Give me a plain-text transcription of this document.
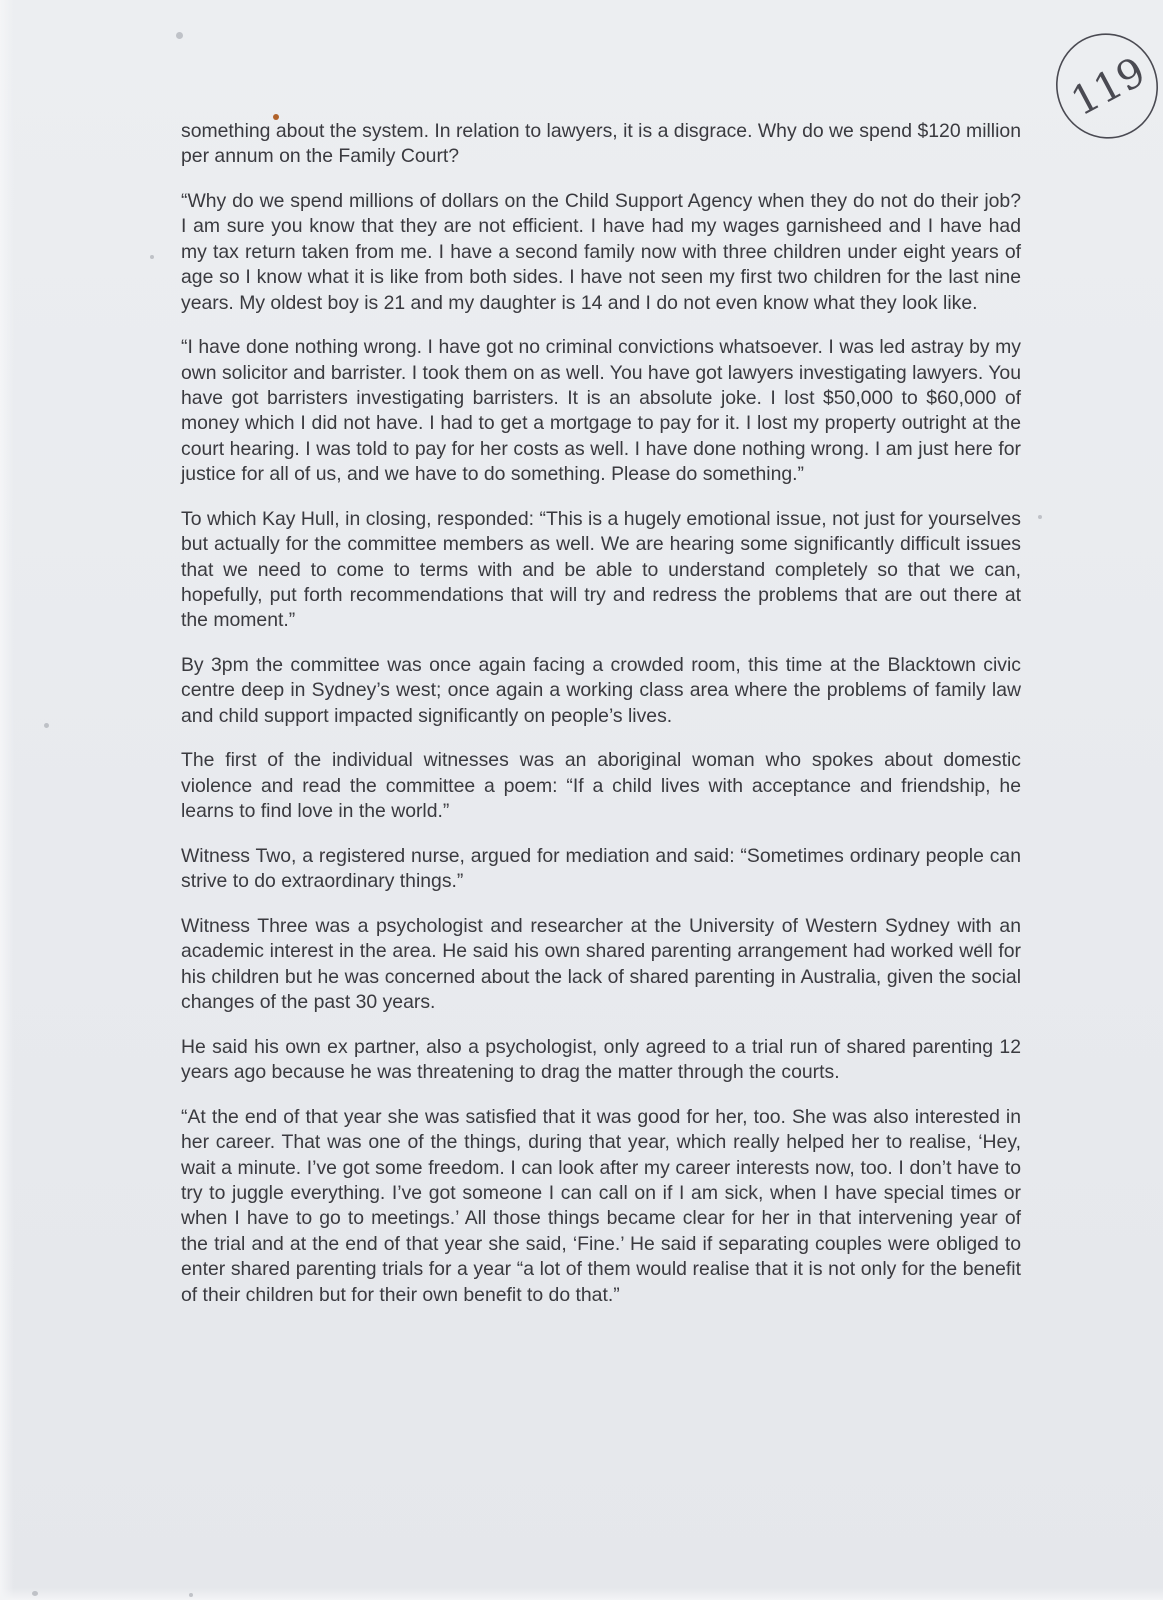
119

something about the system. In relation to lawyers, it is a disgrace. Why do we spend $120 million per annum on the Family Court?

“Why do we spend millions of dollars on the Child Support Agency when they do not do their job? I am sure you know that they are not efficient. I have had my wages garnisheed and I have had my tax return taken from me. I have a second family now with three children under eight years of age so I know what it is like from both sides. I have not seen my first two children for the last nine years. My oldest boy is 21 and my daughter is 14 and I do not even know what they look like.

“I have done nothing wrong. I have got no criminal convictions whatsoever. I was led astray by my own solicitor and barrister. I took them on as well. You have got lawyers investigating lawyers. You have got barristers investigating barristers. It is an absolute joke. I lost $50,000 to $60,000 of money which I did not have. I had to get a mortgage to pay for it. I lost my property outright at the court hearing. I was told to pay for her costs as well. I have done nothing wrong. I am just here for justice for all of us, and we have to do something. Please do something.”

To which Kay Hull, in closing, responded: “This is a hugely emotional issue, not just for yourselves but actually for the committee members as well. We are hearing some significantly difficult issues that we need to come to terms with and be able to understand completely so that we can, hopefully, put forth recommendations that will try and redress the problems that are out there at the moment.”

By 3pm the committee was once again facing a crowded room, this time at the Blacktown civic centre deep in Sydney’s west; once again a working class area where the problems of family law and child support impacted significantly on people’s lives.

The first of the individual witnesses was an aboriginal woman who spokes about domestic violence and read the committee a poem: “If a child lives with acceptance and friendship, he learns to find love in the world.”

Witness Two, a registered nurse, argued for mediation and said: “Sometimes ordinary people can strive to do extraordinary things.”

Witness Three was a psychologist and researcher at the University of Western Sydney with an academic interest in the area. He said his own shared parenting arrangement had worked well for his children but he was concerned about the lack of shared parenting in Australia, given the social changes of the past 30 years.

He said his own ex partner, also a psychologist, only agreed to a trial run of shared parenting 12 years ago because he was threatening to drag the matter through the courts.

“At the end of that year she was satisfied that it was good for her, too. She was also interested in her career. That was one of the things, during that year, which really helped her to realise, ‘Hey, wait a minute. I’ve got some freedom. I can look after my career interests now, too. I don’t have to try to juggle everything. I’ve got someone I can call on if I am sick, when I have special times or when I have to go to meetings.’ All those things became clear for her in that intervening year of the trial and at the end of that year she said, ‘Fine.’ He said if separating couples were obliged to enter shared parenting trials for a year “a lot of them would realise that it is not only for the benefit of their children but for their own benefit to do that.”
